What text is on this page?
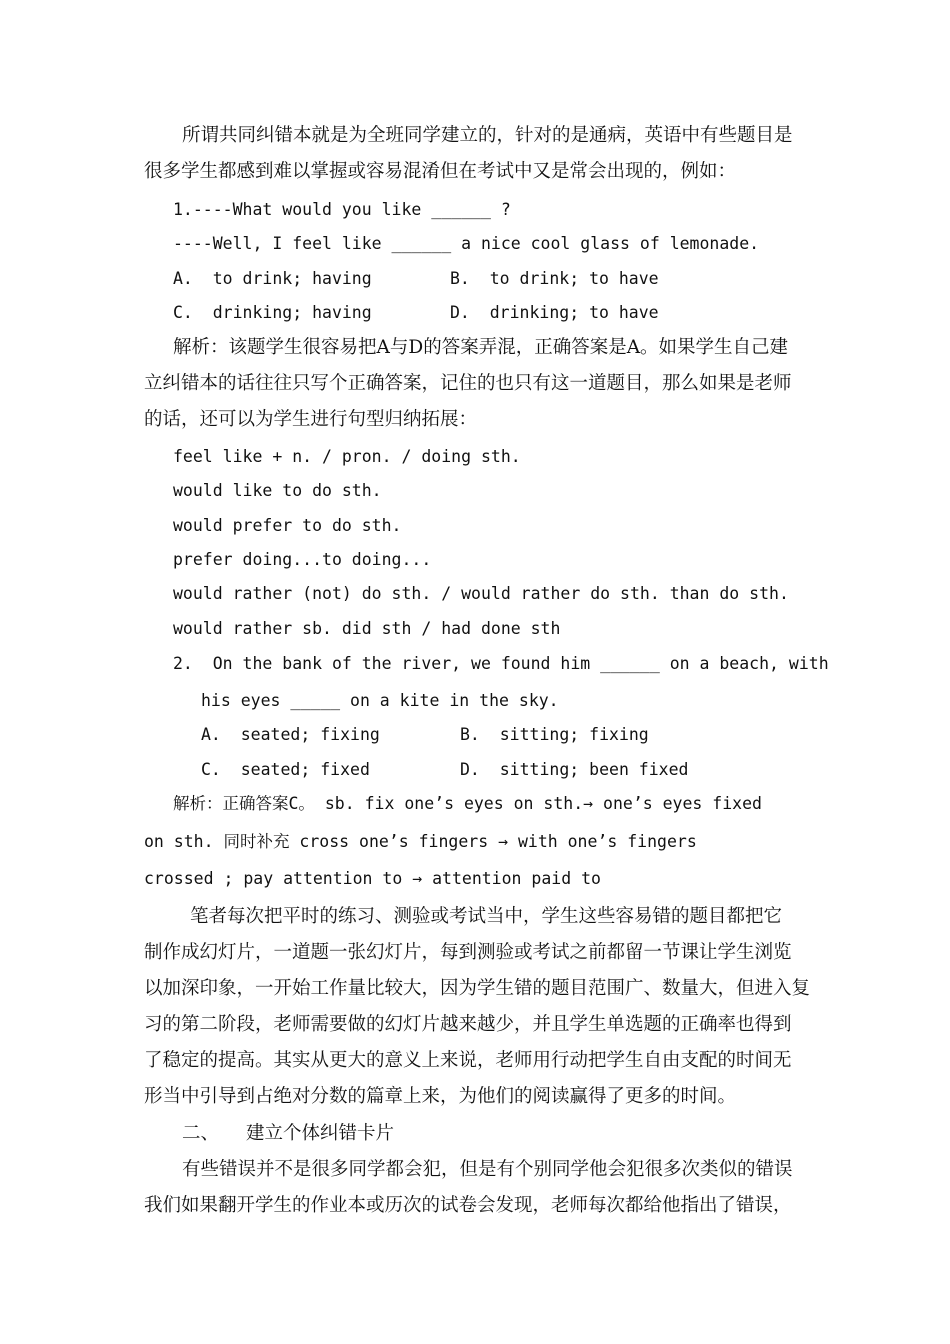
所谓共同纠错本就是为全班同学建立的，针对的是通病，英语中有些题目是

很多学生都感到难以掌握或容易混淆但在考试中又是常会出现的，例如：

1.----What would you like ______ ?

----Well, I feel like ______ a nice cool glass of lemonade.

A.  to drink; having	B.  to drink; to have

C.  drinking; having	D.  drinking; to have

解析：该题学生很容易把A与D的答案弄混，正确答案是A。如果学生自己建

立纠错本的话往往只写个正确答案，记住的也只有这一道题目，那么如果是老师

的话，还可以为学生进行句型归纳拓展：

feel like + n. / pron. / doing sth.

would like to do sth.

would prefer to do sth.

prefer doing...to doing...

would rather (not) do sth. / would rather do sth. than do sth.

would rather sb. did sth / had done sth

2.  On the bank of the river, we found him ______ on a beach, with

his eyes _____ on a kite in the sky.

A.  seated; fixing	B.  sitting; fixing

C.  seated; fixed	D.  sitting; been fixed

解析：正确答案C。 sb. fix one’s eyes on sth.→ one’s eyes fixed

on sth. 同时补充 cross one’s fingers → with one’s fingers

crossed ; pay attention to → attention paid to

笔者每次把平时的练习、测验或考试当中，学生这些容易错的题目都把它

制作成幻灯片，一道题一张幻灯片，每到测验或考试之前都留一节课让学生浏览

以加深印象，一开始工作量比较大，因为学生错的题目范围广、数量大，但进入复

习的第二阶段，老师需要做的幻灯片越来越少，并且学生单选题的正确率也得到

了稳定的提高。其实从更大的意义上来说，老师用行动把学生自由支配的时间无

形当中引导到占绝对分数的篇章上来，为他们的阅读赢得了更多的时间。

二、 建立个体纠错卡片

有些错误并不是很多同学都会犯，但是有个别同学他会犯很多次类似的错误

我们如果翻开学生的作业本或历次的试卷会发现，老师每次都给他指出了错误，
